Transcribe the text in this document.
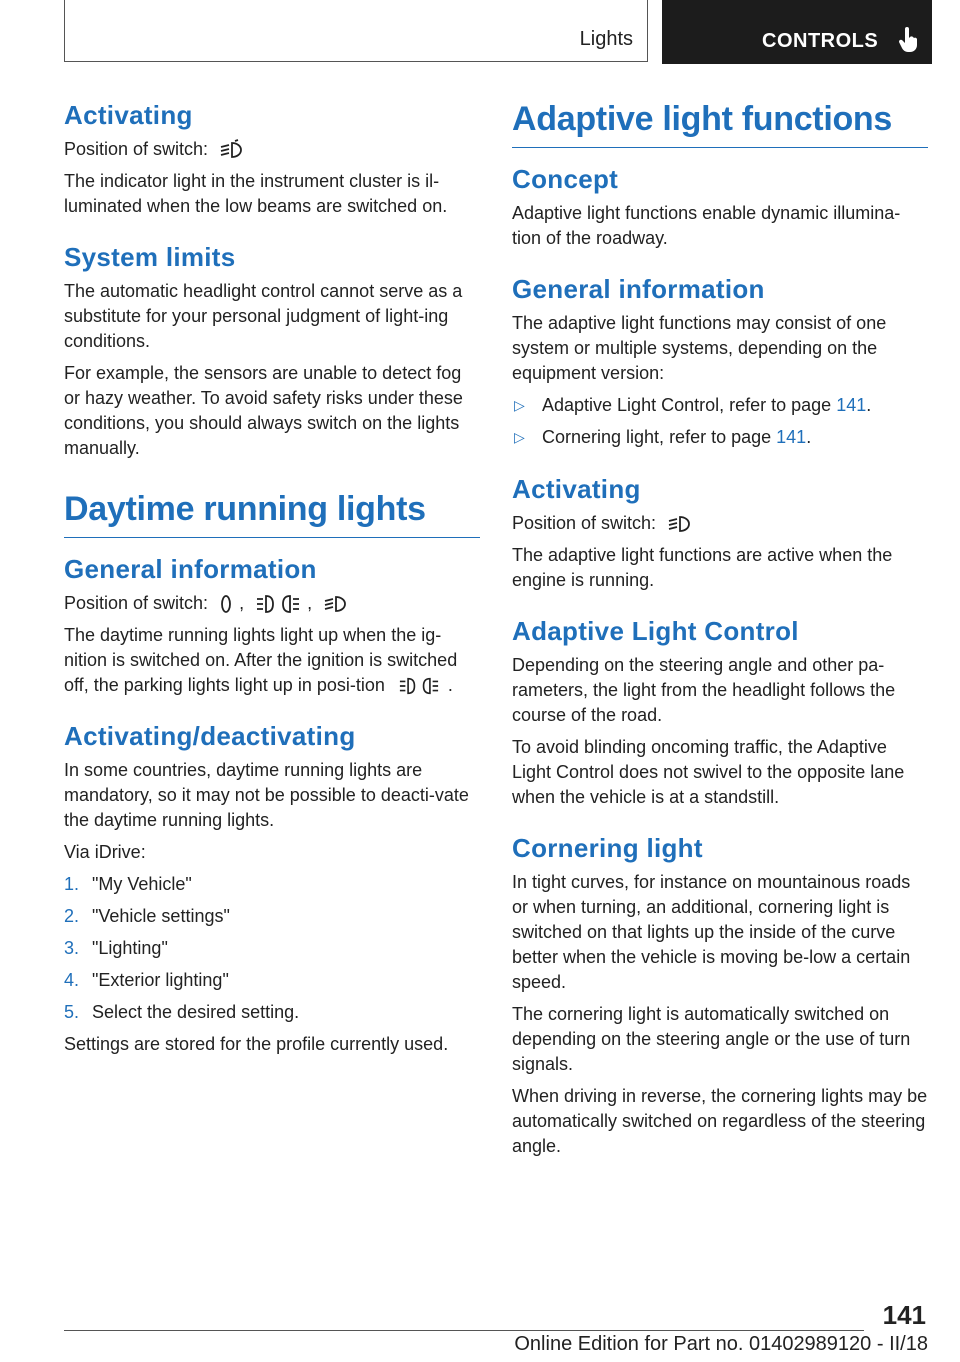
Lights	CONTROLS
Activating

Position of switch:

The indicator light in the instrument cluster is il-luminated when the low beams are switched on.

System limits

The automatic headlight control cannot serve as a substitute for your personal judgment of light-ing conditions.

For example, the sensors are unable to detect fog or hazy weather. To avoid safety risks under these conditions, you should always switch on the lights manually.

Daytime running lights
General information

Position of switch: ,	,

The daytime running lights light up when the ig-nition is switched on. After the ignition is switched off, the parking lights light up in posi-tion	.

Activating/deactivating

In some countries, daytime running lights are mandatory, so it may not be possible to deacti-vate the daytime running lights.

Via iDrive:

1. "My Vehicle"
2. "Vehicle settings"
3. "Lighting"
4. "Exterior lighting"
5. Select the desired setting.

Settings are stored for the profile currently used.

Adaptive light functions
Concept

Adaptive light functions enable dynamic illumina-tion of the roadway.

General information

The adaptive light functions may consist of one system or multiple systems, depending on the equipment version:

▷ Adaptive Light Control, refer to page 141.
▷ Cornering light, refer to page 141.
Activating

Position of switch:

The adaptive light functions are active when the engine is running.

Adaptive Light Control

Depending on the steering angle and other pa-rameters, the light from the headlight follows the course of the road.

To avoid blinding oncoming traffic, the Adaptive Light Control does not swivel to the opposite lane when the vehicle is at a standstill.

Cornering light

In tight curves, for instance on mountainous roads or when turning, an additional, cornering light is switched on that lights up the inside of the curve better when the vehicle is moving be-low a certain speed.

The cornering light is automatically switched on depending on the steering angle or the use of turn signals.

When driving in reverse, the cornering lights may be automatically switched on regardless of the steering angle.

141
Online Edition for Part no. 01402989120 - II/18
